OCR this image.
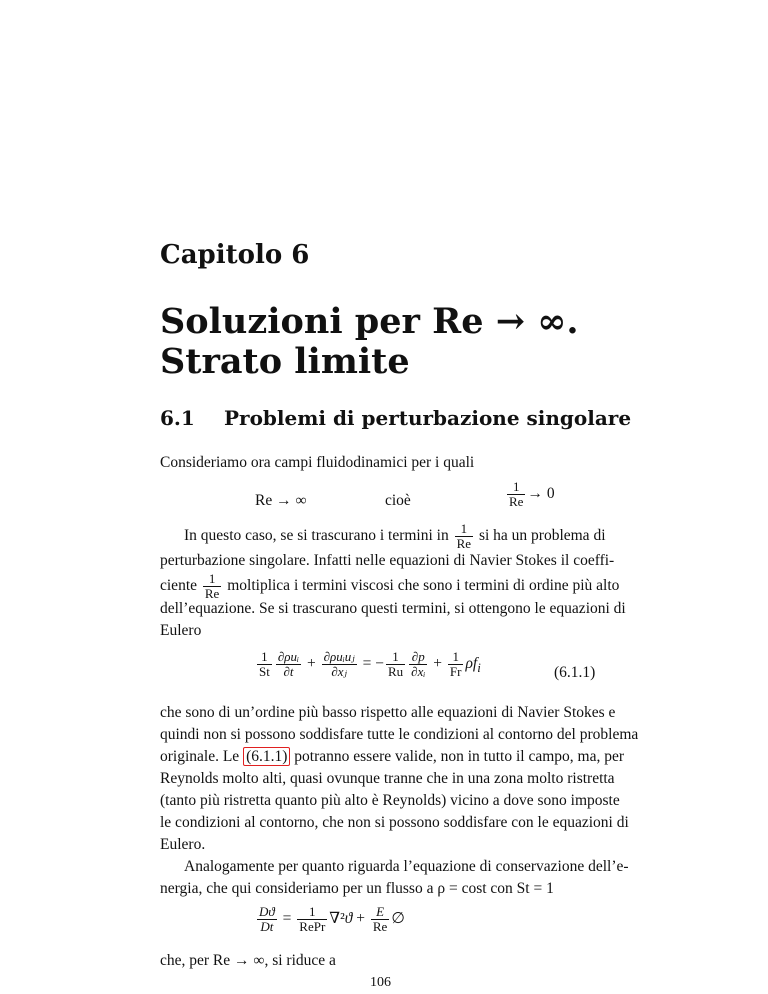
Capitolo 6
Soluzioni per Re → ∞.
Strato limite
6.1 Problemi di perturbazione singolare
Consideriamo ora campi fluidodinamici per i quali
Re → ∞	cioè	$\frac{1}{Re} \to 0$
In questo caso, se si trascurano i termini in $\frac{1}{Re}$ si ha un problema di
perturbazione singolare. Infatti nelle equazioni di Navier Stokes il coeffi-
ciente $\frac{1}{Re}$ moltiplica i termini viscosi che sono i termini di ordine più alto
dell’equazione. Se si trascurano questi termini, si ottengono le equazioni di
Eulero
$\frac{1}{St} \frac{\text{∂ρuᵢ}}{\partial t} + \frac{\text{∂ρuᵢuⱼ}}{\text{∂xⱼ}}$ = − $\frac{1}{Ru} \frac{\partial p}{\text{∂xᵢ}} + \frac{1}{Fr} \rho f_i$	(6.1.1)
che sono di un’ordine più basso rispetto alle equazioni di Navier Stokes e
quindi non si possono soddisfare tutte le condizioni al contorno del problema
originale. Le (6.1.1) potranno essere valide, non in tutto il campo, ma, per
Reynolds molto alti, quasi ovunque tranne che in una zona molto ristretta
(tanto più ristretta quanto più alto è Reynolds) vicino a dove sono imposte
le condizioni al contorno, che non si possono soddisfare con le equazioni di
Eulero.
Analogamente per quanto riguarda l’equazione di conservazione dell’e-
nergia, che qui consideriamo per un flusso a ρ = cost con St = 1
$\frac{Dϑ}{Dt} = \frac{1}{\text{RePr}} \nabla^2ϑ + \frac{E}{Re}$ ∅
che, per Re → ∞, si riduce a
106
